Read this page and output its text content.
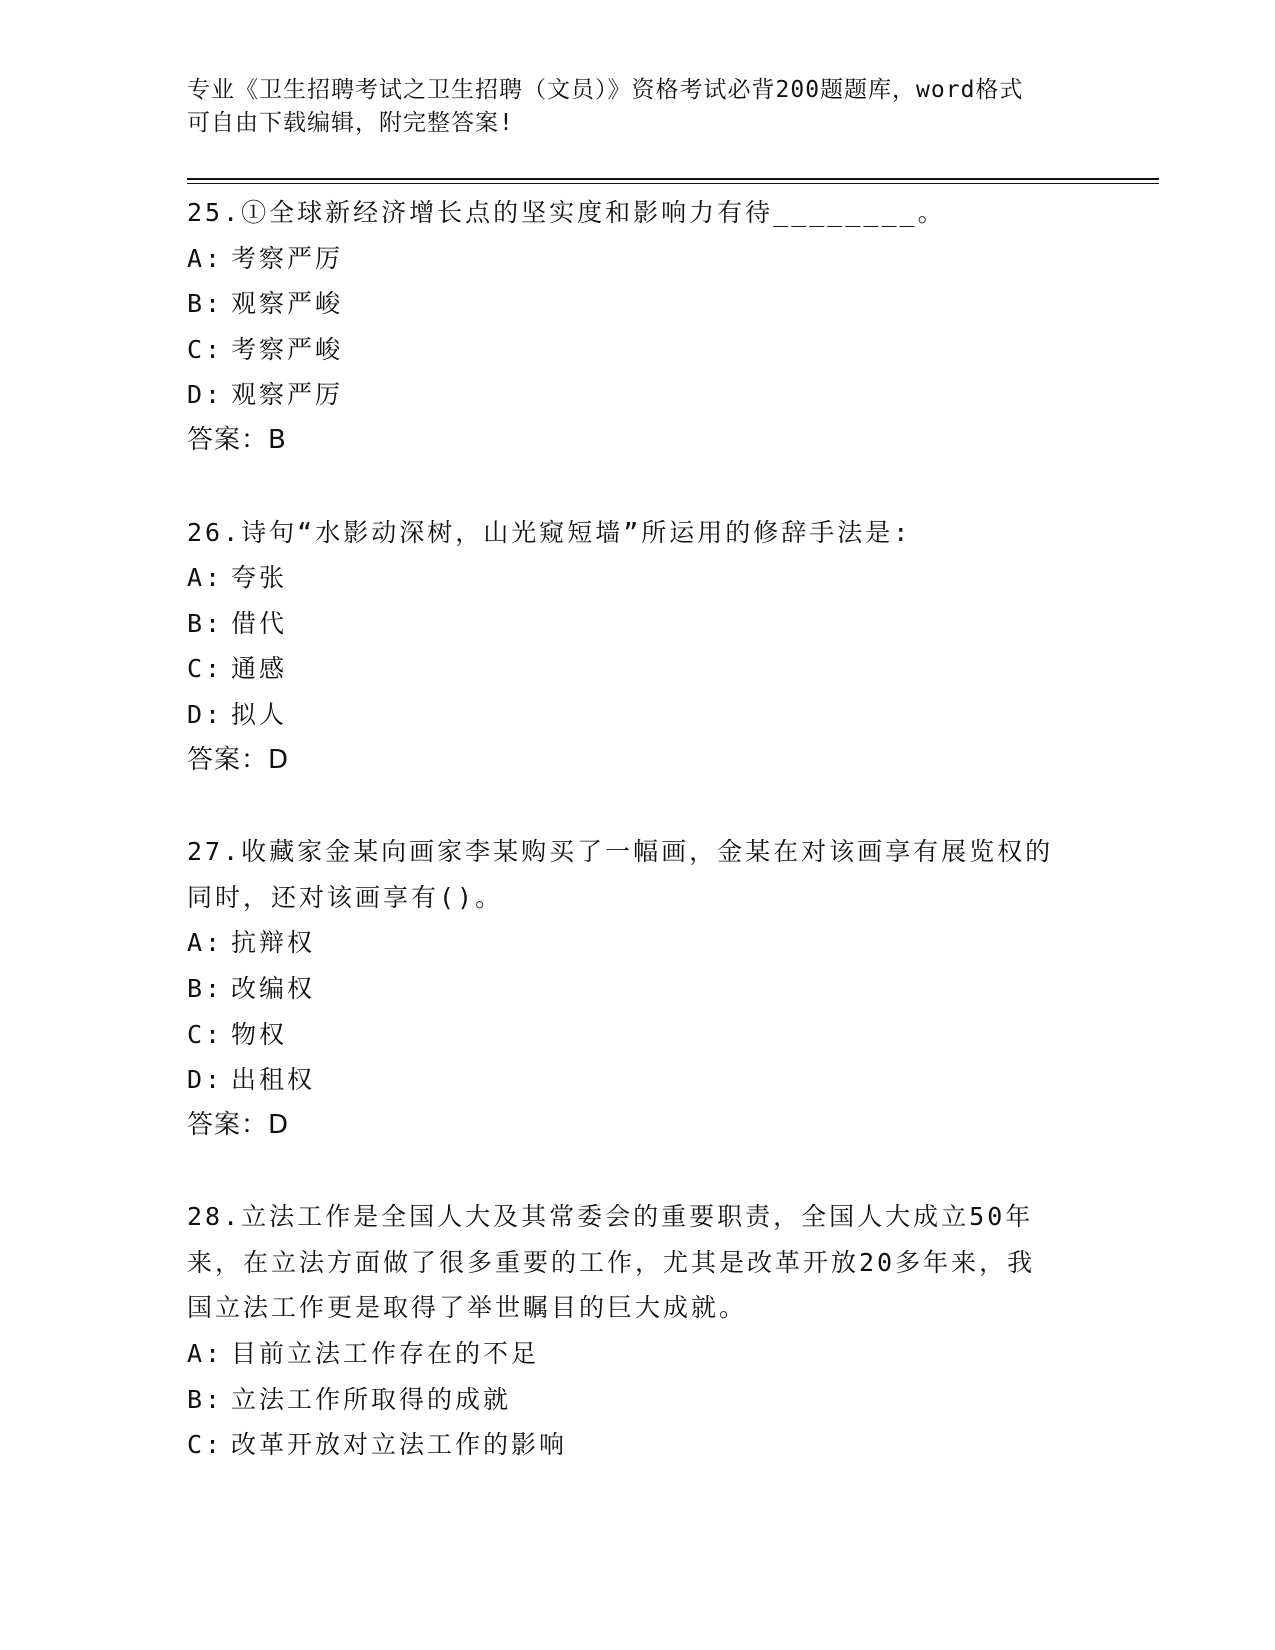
专业《卫生招聘考试之卫生招聘（文员）》资格考试必背200题题库，word格式
可自由下载编辑，附完整答案!
25.①全球新经济增长点的坚实度和影响力有待________。
A: 考察严厉
B: 观察严峻
C: 考察严峻
D: 观察严厉
答案：B
26.诗句“水影动深树，山光窥短墙”所运用的修辞手法是:
A: 夸张
B: 借代
C: 通感
D: 拟人
答案：D
27.收藏家金某向画家李某购买了一幅画，金某在对该画享有展览权的
同时，还对该画享有()。
A: 抗辩权
B: 改编权
C: 物权
D: 出租权
答案：D
28.立法工作是全国人大及其常委会的重要职责，全国人大成立50年
来，在立法方面做了很多重要的工作，尤其是改革开放20多年来，我
国立法工作更是取得了举世瞩目的巨大成就。
A: 目前立法工作存在的不足
B: 立法工作所取得的成就
C: 改革开放对立法工作的影响
